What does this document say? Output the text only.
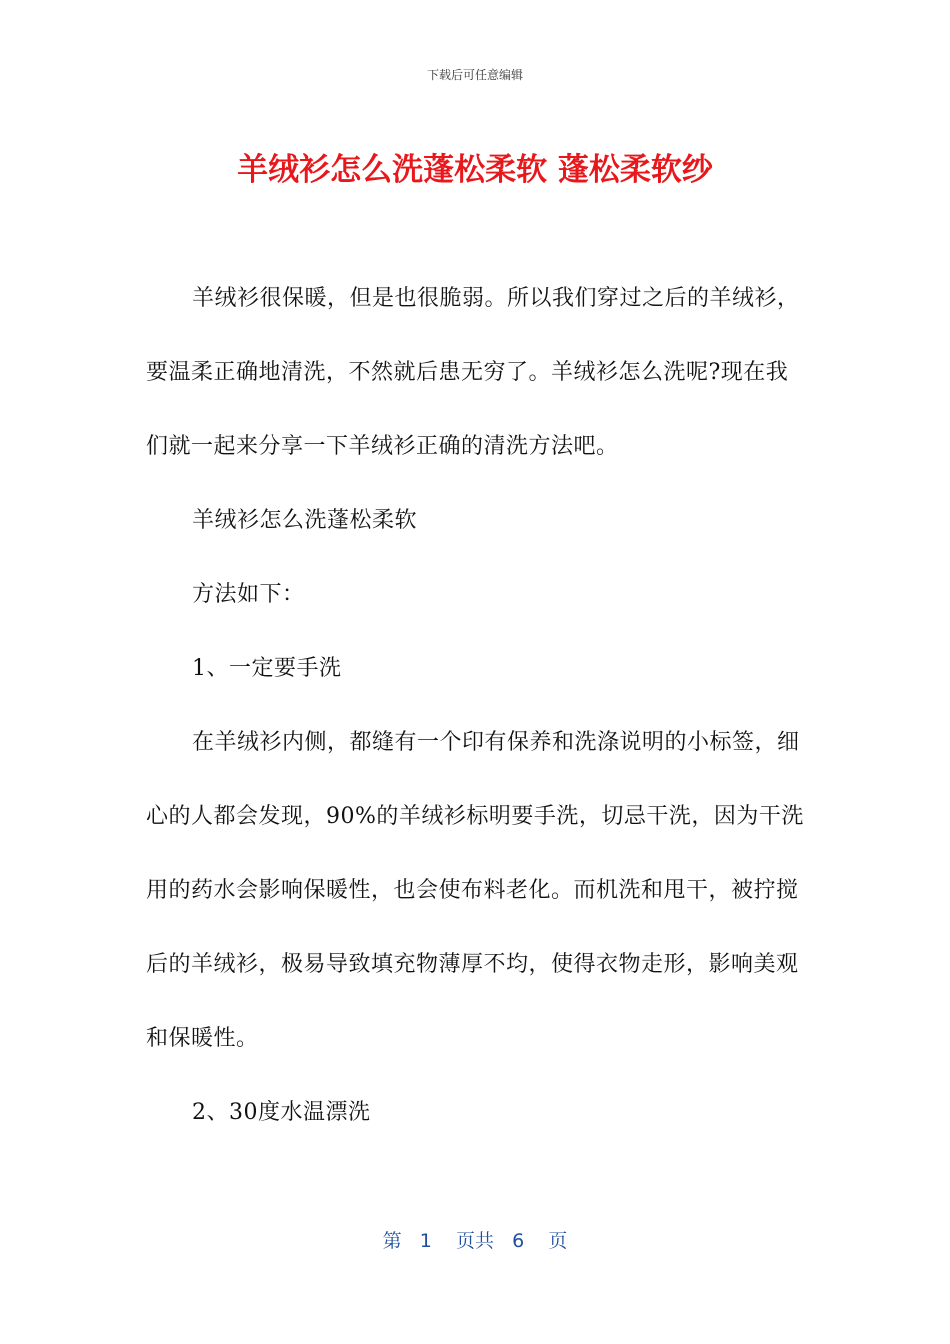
下载后可任意编辑
羊绒衫怎么洗蓬松柔软 蓬松柔软纱

羊绒衫很保暖，但是也很脆弱。所以我们穿过之后的羊绒衫，要温柔正确地清洗，不然就后患无穷了。羊绒衫怎么洗呢?现在我们就一起来分享一下羊绒衫正确的清洗方法吧。

羊绒衫怎么洗蓬松柔软

方法如下：

1、一定要手洗

在羊绒衫内侧，都缝有一个印有保养和洗涤说明的小标签，细心的人都会发现，90%的羊绒衫标明要手洗，切忌干洗，因为干洗用的药水会影响保暖性，也会使布料老化。而机洗和甩干，被拧搅后的羊绒衫，极易导致填充物薄厚不均，使得衣物走形，影响美观和保暖性。

2、30度水温漂洗

第 1 页共 6 页
